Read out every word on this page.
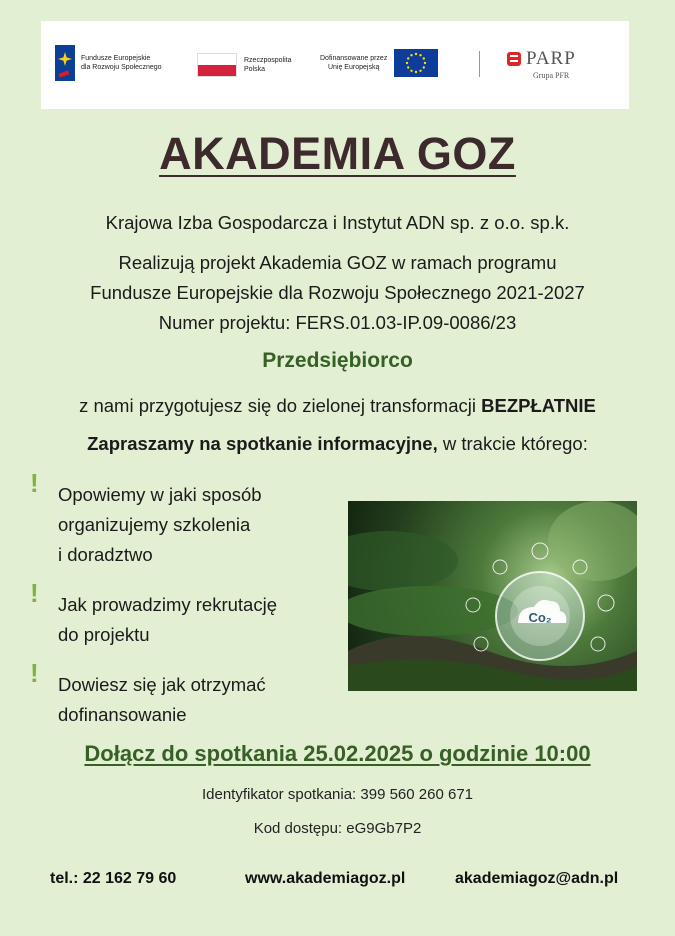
Fundusze Europejskie
dla Rozwoju Społecznego
Rzeczpospolita
Polska
Dofinansowane przez
Unię Europejską	PARP
Grupa PFR
AKADEMIA GOZ
Krajowa Izba Gospodarcza i Instytut ADN sp. z o.o. sp.k.
Realizują projekt Akademia GOZ w ramach programu
Fundusze Europejskie dla Rozwoju Społecznego 2021-2027
Numer projektu: FERS.01.03-IP.09-0086/23
Przedsiębiorco
z nami przygotujesz się do zielonej transformacji BEZPŁATNIE
Zapraszamy na spotkanie informacyjne, w trakcie którego:
! Opowiemy w jaki sposób
organizujemy szkolenia
i doradztwo
! Jak prowadzimy rekrutację
do projektu
! Dowiesz się jak otrzymać
dofinansowanie
Co₂
Dołącz do spotkania 25.02.2025 o godzinie 10:00
Identyfikator spotkania: 399 560 260 671
Kod dostępu: eG9Gb7P2
tel.: 22 162 79 60	www.akademiagoz.pl	akademiagoz@adn.pl
